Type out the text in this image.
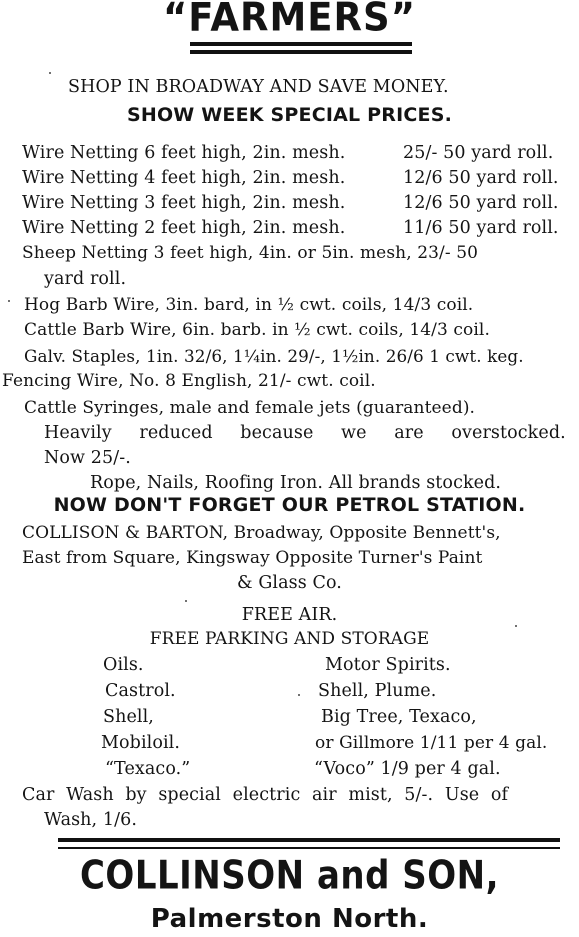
“FARMERS”
SHOP IN BROADWAY AND SAVE MONEY.
SHOW WEEK SPECIAL PRICES.
Wire Netting 6 feet high, 2in. mesh.	25/- 50 yard roll.
Wire Netting 4 feet high, 2in. mesh.	12/6 50 yard roll.
Wire Netting 3 feet high, 2in. mesh.	12/6 50 yard roll.
Wire Netting 2 feet high, 2in. mesh.	11/6 50 yard roll.
Sheep Netting 3 feet high, 4in. or 5in. mesh, 23/- 50
yard roll.
Hog Barb Wire, 3in. bard, in ½ cwt. coils, 14/3 coil.
Cattle Barb Wire, 6in. barb. in ½ cwt. coils, 14/3 coil.
Galv. Staples, 1in. 32/6, 1¼in. 29/-, 1½in. 26/6 1 cwt. keg.
Fencing Wire, No. 8 English, 21/- cwt. coil.
Cattle Syringes, male and female jets (guaranteed).
Heavily reduced because we are overstocked.
Now 25/-.
Rope, Nails, Roofing Iron. All brands stocked.
NOW DON'T FORGET OUR PETROL STATION.
COLLISON & BARTON, Broadway, Opposite Bennett's,
East from Square, Kingsway Opposite Turner's Paint
& Glass Co.
FREE AIR.
FREE PARKING AND STORAGE
Oils.	Motor Spirits.
Castrol.	Shell, Plume.
Shell,	Big Tree, Texaco,
Mobiloil.	or Gillmore 1/11 per 4 gal.
“Texaco.”	“Voco” 1/9 per 4 gal.
Car Wash by special electric air mist, 5/-. Use of
Wash, 1/6.
COLLINSON and SON,
Palmerston North.
